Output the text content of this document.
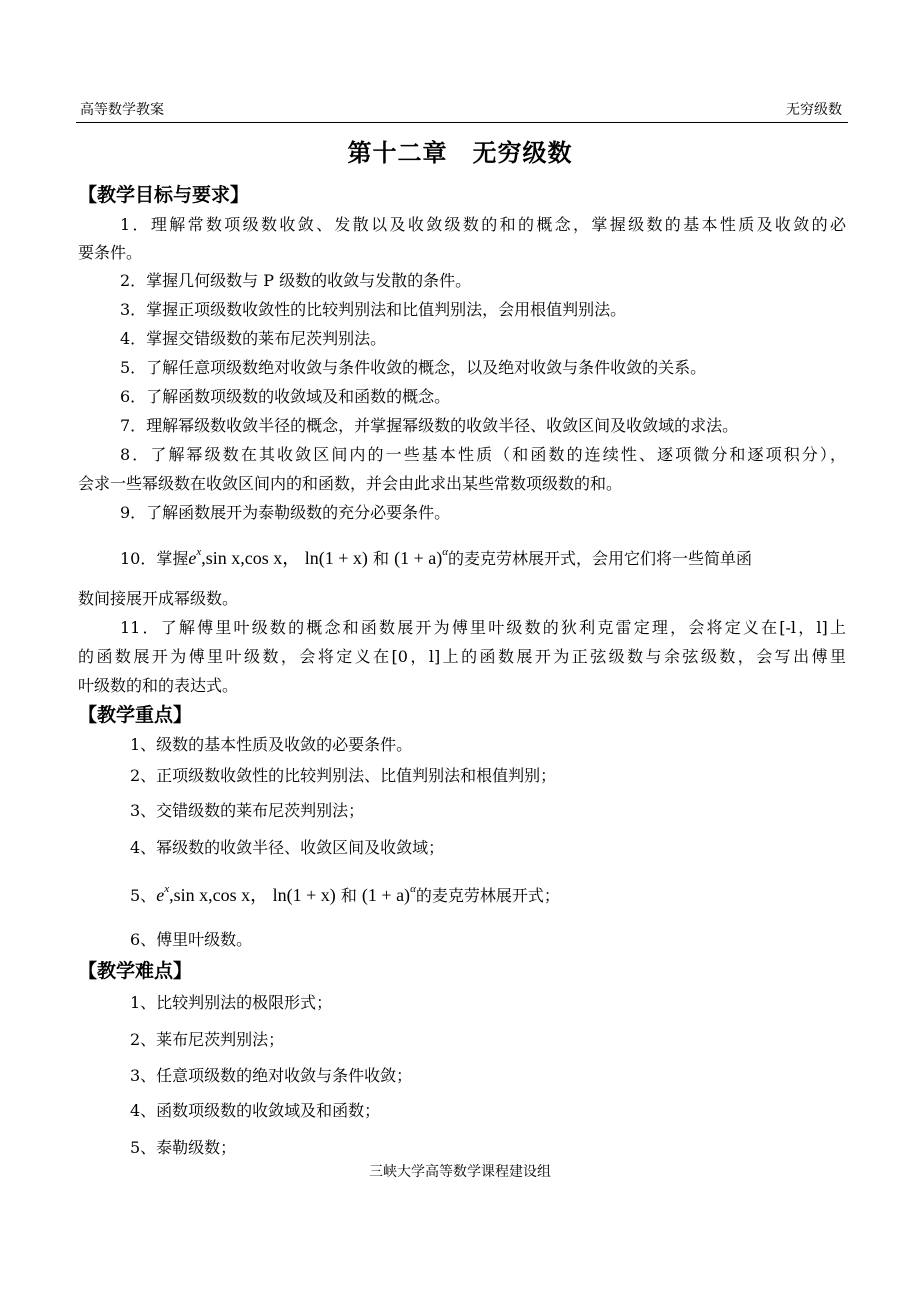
高等数学教案	无穷级数
第十二章　无穷级数
【教学目标与要求】
1．理解常数项级数收敛、发散以及收敛级数的和的概念，掌握级数的基本性质及收敛的必
要条件。
2．掌握几何级数与 P 级数的收敛与发散的条件。
3．掌握正项级数收敛性的比较判别法和比值判别法，会用根值判别法。
4．掌握交错级数的莱布尼茨判别法。
5．了解任意项级数绝对收敛与条件收敛的概念，以及绝对收敛与条件收敛的关系。
6．了解函数项级数的收敛域及和函数的概念。
7．理解幂级数收敛半径的概念，并掌握幂级数的收敛半径、收敛区间及收敛域的求法。
8．了解幂级数在其收敛区间内的一些基本性质（和函数的连续性、逐项微分和逐项积分），
会求一些幂级数在收敛区间内的和函数，并会由此求出某些常数项级数的和。
9．了解函数展开为泰勒级数的充分必要条件。
10．掌握$e^x,\sin$ x,cos x， ln(1 + x) 和 $(1 + a)^\alpha$的麦克劳林展开式，会用它们将一些简单函
数间接展开成幂级数。
11．了解傅里叶级数的概念和函数展开为傅里叶级数的狄利克雷定理，会将定义在[-l，l]上
的函数展开为傅里叶级数，会将定义在[0，l]上的函数展开为正弦级数与余弦级数，会写出傅里
叶级数的和的表达式。
【教学重点】
1、级数的基本性质及收敛的必要条件。
2、正项级数收敛性的比较判别法、比值判别法和根值判别；
3、交错级数的莱布尼茨判别法；
4、幂级数的收敛半径、收敛区间及收敛域；
5、$e^x,\sin$ x,cos x， ln(1 + x) 和 $(1 + a)^\alpha$的麦克劳林展开式；
6、傅里叶级数。
【教学难点】
1、比较判别法的极限形式；
2、莱布尼茨判别法；
3、任意项级数的绝对收敛与条件收敛；
4、函数项级数的收敛域及和函数；
5、泰勒级数；
三峡大学高等数学课程建设组
